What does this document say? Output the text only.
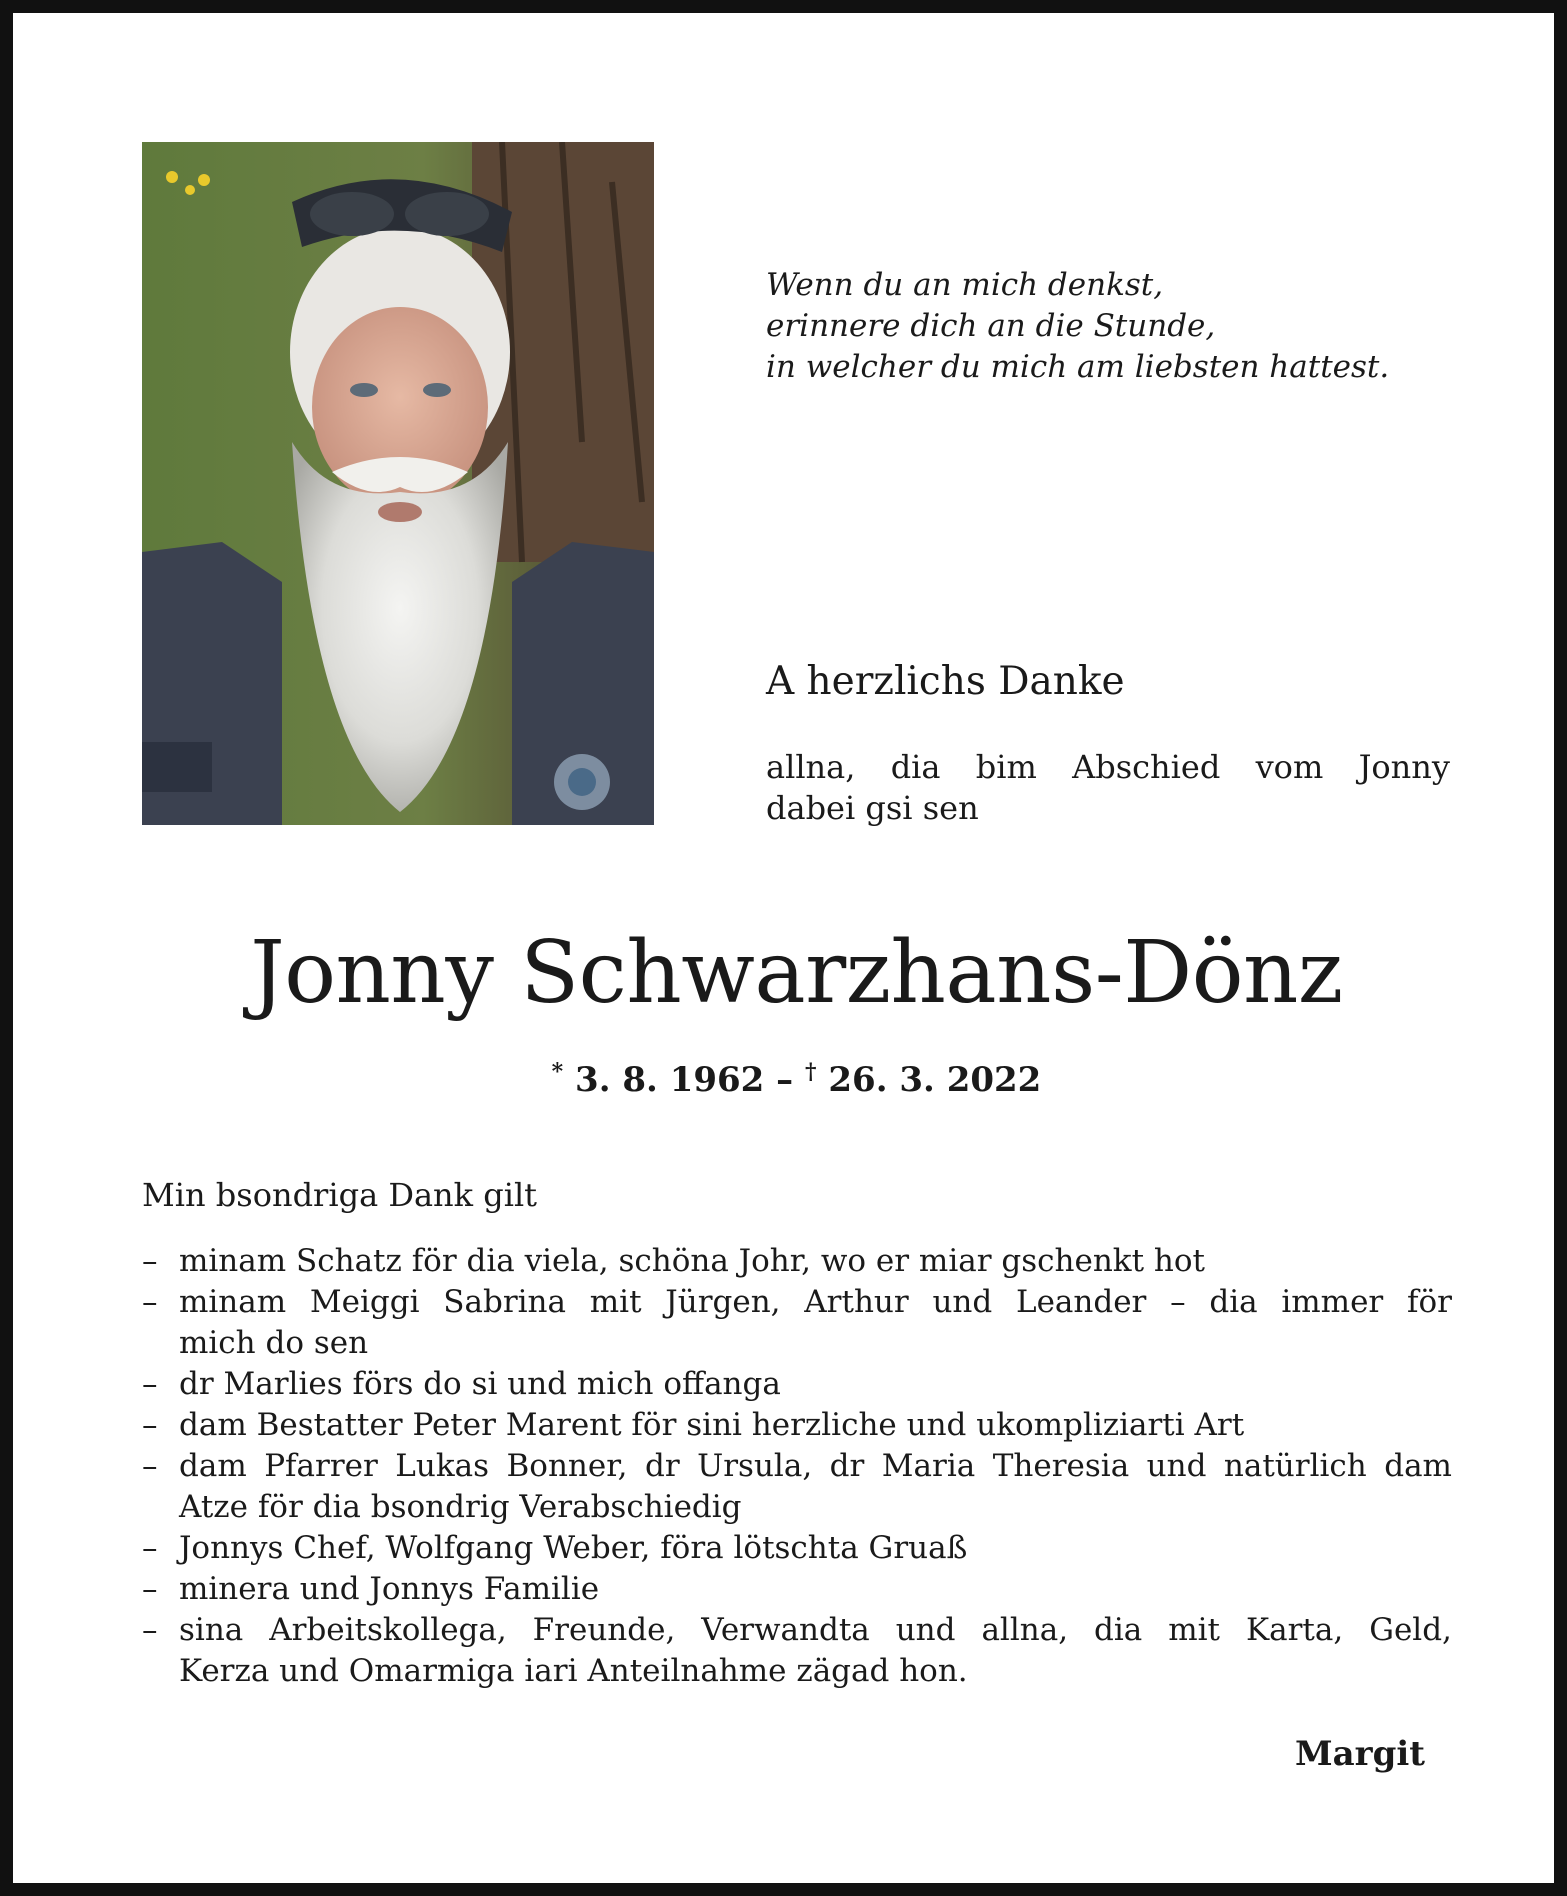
Wenn du an mich denkst,
erinnere dich an die Stunde,
in welcher du mich am liebsten hattest.
A herzlichs Danke
allna, dia bim Abschied vom Jonny
dabei gsi sen
Jonny Schwarzhans-Dönz
* 3. 8. 1962 – † 26. 3. 2022
Min bsondriga Dank gilt
– minam Schatz för dia viela, schöna Johr, wo er miar gschenkt hot
– minam Meiggi Sabrina mit Jürgen, Arthur und Leander – dia immer för
mich do sen
– dr Marlies förs do si und mich offanga
– dam Bestatter Peter Marent för sini herzliche und ukompliziarti Art
– dam Pfarrer Lukas Bonner, dr Ursula, dr Maria Theresia und natürlich dam
Atze för dia bsondrig Verabschiedig
– Jonnys Chef, Wolfgang Weber, föra lötschta Gruaß
– minera und Jonnys Familie
– sina Arbeitskollega, Freunde, Verwandta und allna, dia mit Karta, Geld,
Kerza und Omarmiga iari Anteilnahme zägad hon.
Margit
